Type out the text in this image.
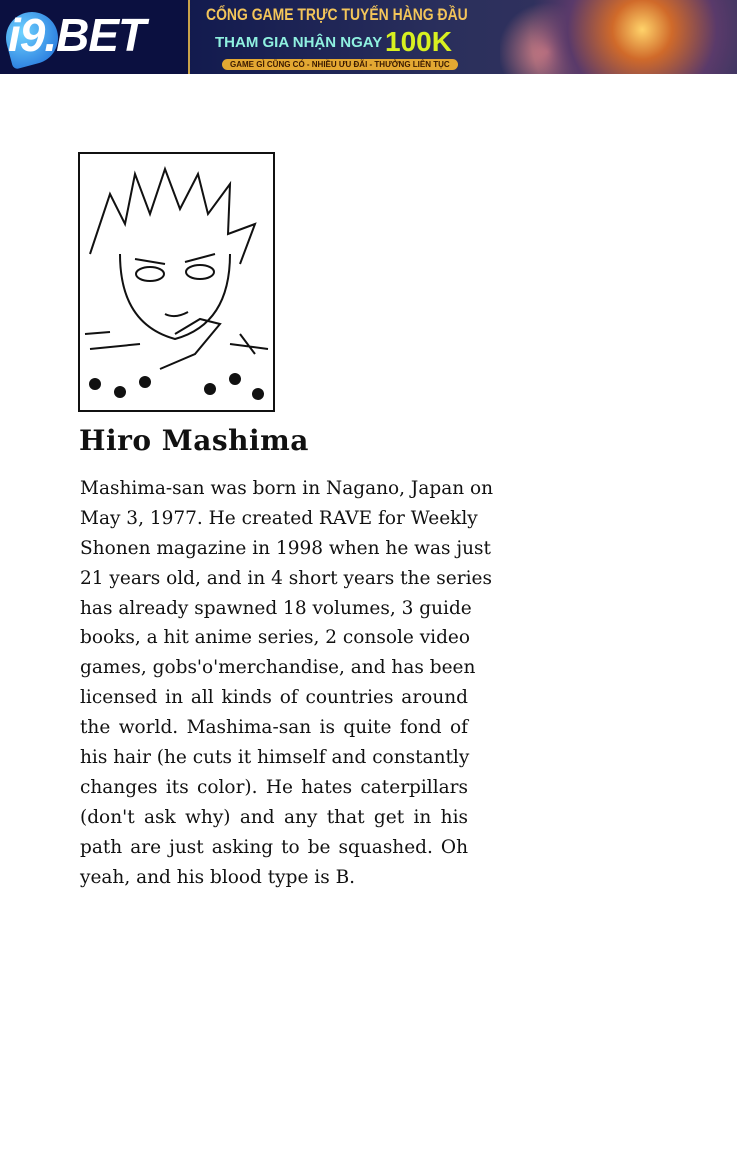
i9.BET	CỔNG GAME TRỰC TUYẾN HÀNG ĐẦU
THAM GIA NHẬN NGAY 100K
GAME GÌ CŨNG CÓ - NHIỀU ƯU ĐÃI - THƯỞNG LIÊN TỤC
Hiro Mashima
Mashima-san was born in Nagano, Japan on
May 3, 1977. He created RAVE for Weekly
Shonen magazine in 1998 when he was just
21 years old, and in 4 short years the series
has already spawned 18 volumes, 3 guide
books, a hit anime series, 2 console video
games, gobs'o'merchandise, and has been
licensed in all kinds of countries around
the world. Mashima-san is quite fond of
his hair (he cuts it himself and constantly
changes its color). He hates caterpillars
(don't ask why) and any that get in his
path are just asking to be squashed. Oh
yeah, and his blood type is B.
